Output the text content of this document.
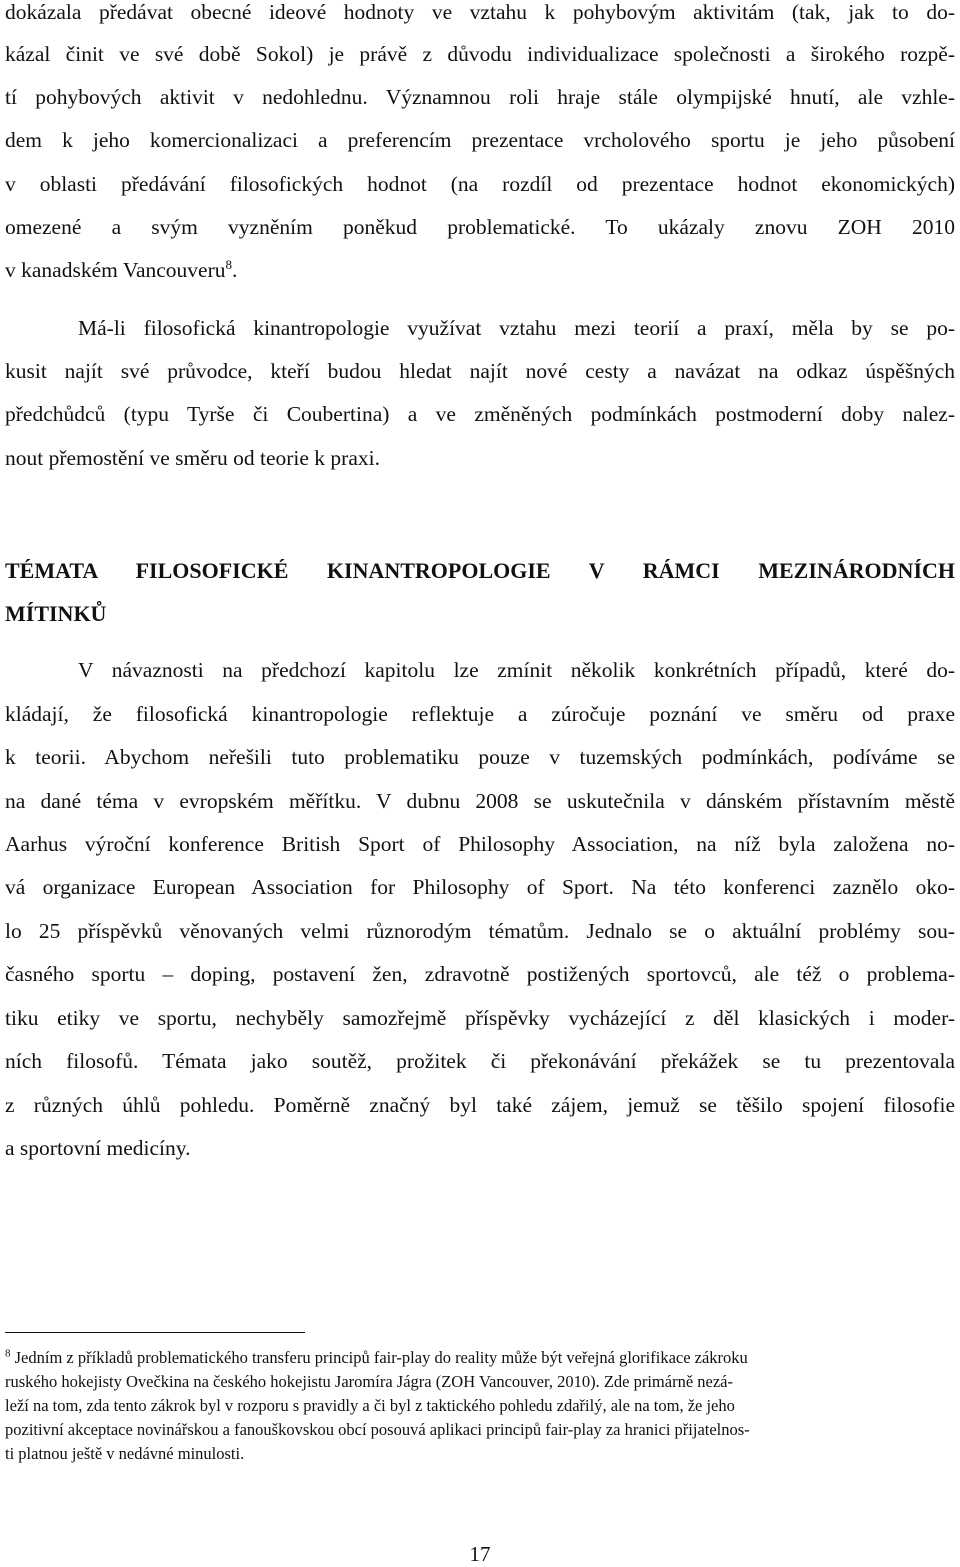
dokázala předávat obecné ideové hodnoty ve vztahu k pohybovým aktivitám (tak, jak to do-
kázal činit ve své době Sokol) je právě z důvodu individualizace společnosti a širokého rozpě-
tí pohybových aktivit v nedohlednu. Významnou roli hraje stále olympijské hnutí, ale vzhle-
dem k jeho komercionalizaci a preferencím prezentace vrcholového sportu je jeho působení
v oblasti předávání filosofických hodnot (na rozdíl od prezentace hodnot ekonomických)
omezené a svým vyzněním poněkud problematické. To ukázaly znovu ZOH 2010
v kanadském Vancouveru$^8$.
Má-li filosofická kinantropologie využívat vztahu mezi teorií a praxí, měla by se po-
kusit najít své průvodce, kteří budou hledat najít nové cesty a navázat na odkaz úspěšných
předchůdců (typu Tyrše či Coubertina) a ve změněných podmínkách postmoderní doby nalez-
nout přemostění ve směru od teorie k praxi.
TÉMATA FILOSOFICKÉ KINANTROPOLOGIE V RÁMCI MEZINÁRODNÍCH
MÍTINKŮ
V návaznosti na předchozí kapitolu lze zmínit několik konkrétních případů, které do-
kládají, že filosofická kinantropologie reflektuje a zúročuje poznání ve směru od praxe
k teorii. Abychom neřešili tuto problematiku pouze v tuzemských podmínkách, podíváme se
na dané téma v evropském měřítku. V dubnu 2008 se uskutečnila v dánském přístavním městě
Aarhus výroční konference British Sport of Philosophy Association, na níž byla založena no-
vá organizace European Association for Philosophy of Sport. Na této konferenci zaznělo oko-
lo 25 příspěvků věnovaných velmi různorodým tématům. Jednalo se o aktuální problémy sou-
časného sportu – doping, postavení žen, zdravotně postižených sportovců, ale též o problema-
tiku etiky ve sportu, nechyběly samozřejmě příspěvky vycházející z děl klasických i moder-
ních filosofů. Témata jako soutěž, prožitek či překonávání překážek se tu prezentovala
z různých úhlů pohledu. Poměrně značný byl také zájem, jemuž se těšilo spojení filosofie
a sportovní medicíny.
$^8$ Jedním z příkladů problematického transferu principů fair-play do reality může být veřejná glorifikace zákroku
ruského hokejisty Ovečkina na českého hokejistu Jaromíra Jágra (ZOH Vancouver, 2010). Zde primárně nezá-
leží na tom, zda tento zákrok byl v rozporu s pravidly a či byl z taktického pohledu zdařilý, ale na tom, že jeho
pozitivní akceptace novinářskou a fanouškovskou obcí posouvá aplikaci principů fair-play za hranici přijatelnos-
ti platnou ještě v nedávné minulosti.
17
